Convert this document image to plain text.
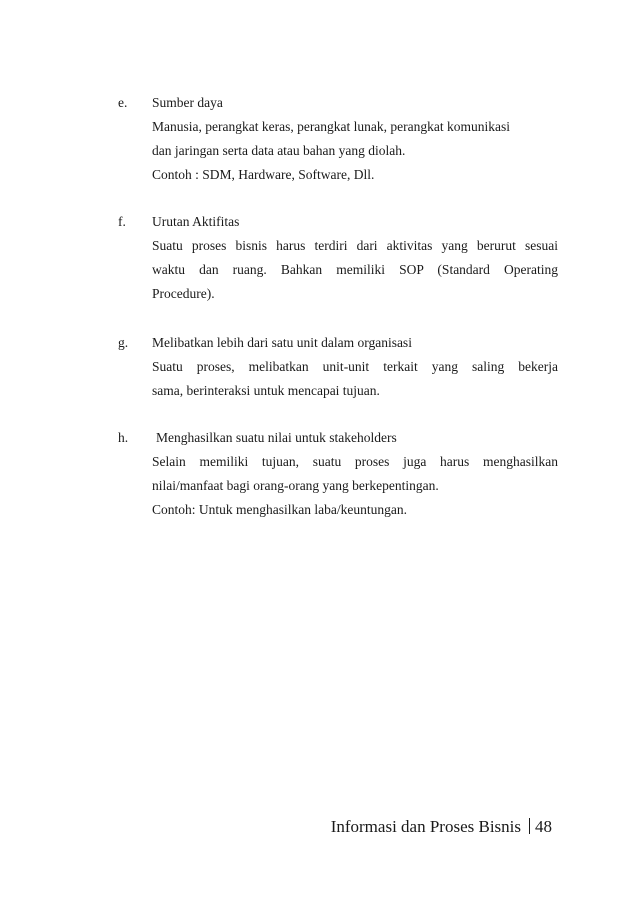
e. Sumber daya
Manusia, perangkat keras, perangkat lunak, perangkat komunikasi
dan jaringan serta data atau bahan yang diolah.
Contoh : SDM, Hardware, Software, Dll.
f. Urutan Aktifitas
Suatu proses bisnis harus terdiri dari aktivitas yang berurut sesuai
waktu dan ruang. Bahkan memiliki SOP (Standard Operating
Procedure).
g. Melibatkan lebih dari satu unit dalam organisasi
Suatu proses, melibatkan unit-unit terkait yang saling bekerja
sama, berinteraksi untuk mencapai tujuan.
h. Menghasilkan suatu nilai untuk stakeholders
Selain memiliki tujuan, suatu proses juga harus menghasilkan
nilai/manfaat bagi orang-orang yang berkepentingan.
Contoh: Untuk menghasilkan laba/keuntungan.
Informasi dan Proses Bisnis 48
